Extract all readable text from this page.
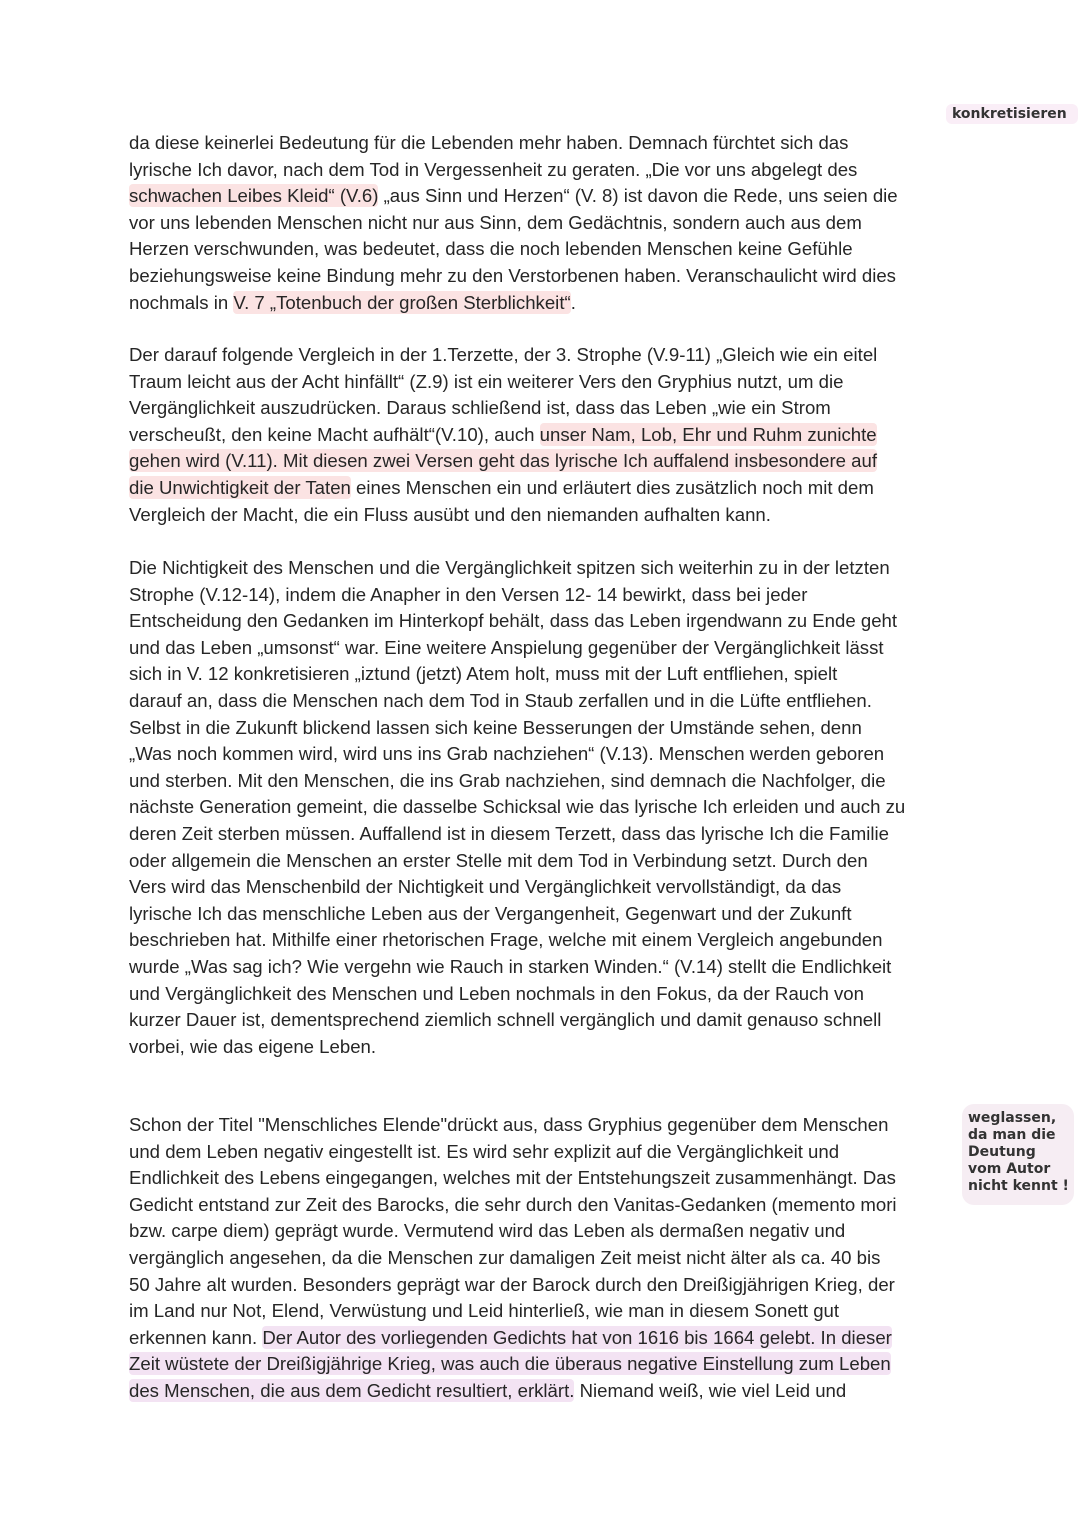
konkretisieren
da diese keinerlei Bedeutung für die Lebenden mehr haben. Demnach fürchtet sich das
lyrische Ich davor, nach dem Tod in Vergessenheit zu geraten. „Die vor uns abgelegt des
schwachen Leibes Kleid“ (V.6) „aus Sinn und Herzen“ (V. 8) ist davon die Rede, uns seien die
vor uns lebenden Menschen nicht nur aus Sinn, dem Gedächtnis, sondern auch aus dem
Herzen verschwunden, was bedeutet, dass die noch lebenden Menschen keine Gefühle
beziehungsweise keine Bindung mehr zu den Verstorbenen haben. Veranschaulicht wird dies
nochmals in V. 7 „Totenbuch der großen Sterblichkeit“.
Der darauf folgende Vergleich in der 1.Terzette, der 3. Strophe (V.9-11) „Gleich wie ein eitel
Traum leicht aus der Acht hinfällt“ (Z.9) ist ein weiterer Vers den Gryphius nutzt, um die
Vergänglichkeit auszudrücken. Daraus schließend ist, dass das Leben „wie ein Strom
verscheußt, den keine Macht aufhält“(V.10), auch unser Nam, Lob, Ehr und Ruhm zunichte
gehen wird (V.11). Mit diesen zwei Versen geht das lyrische Ich auffalend insbesondere auf
die Unwichtigkeit der Taten eines Menschen ein und erläutert dies zusätzlich noch mit dem
Vergleich der Macht, die ein Fluss ausübt und den niemanden aufhalten kann.
Die Nichtigkeit des Menschen und die Vergänglichkeit spitzen sich weiterhin zu in der letzten
Strophe (V.12-14), indem die Anapher in den Versen 12- 14 bewirkt, dass bei jeder
Entscheidung den Gedanken im Hinterkopf behält, dass das Leben irgendwann zu Ende geht
und das Leben „umsonst“ war. Eine weitere Anspielung gegenüber der Vergänglichkeit lässt
sich in V. 12 konkretisieren „iztund (jetzt) Atem holt, muss mit der Luft entfliehen, spielt
darauf an, dass die Menschen nach dem Tod in Staub zerfallen und in die Lüfte entfliehen.
Selbst in die Zukunft blickend lassen sich keine Besserungen der Umstände sehen, denn
„Was noch kommen wird, wird uns ins Grab nachziehen“ (V.13). Menschen werden geboren
und sterben. Mit den Menschen, die ins Grab nachziehen, sind demnach die Nachfolger, die
nächste Generation gemeint, die dasselbe Schicksal wie das lyrische Ich erleiden und auch zu
deren Zeit sterben müssen. Auffallend ist in diesem Terzett, dass das lyrische Ich die Familie
oder allgemein die Menschen an erster Stelle mit dem Tod in Verbindung setzt. Durch den
Vers wird das Menschenbild der Nichtigkeit und Vergänglichkeit vervollständigt, da das
lyrische Ich das menschliche Leben aus der Vergangenheit, Gegenwart und der Zukunft
beschrieben hat. Mithilfe einer rhetorischen Frage, welche mit einem Vergleich angebunden
wurde „Was sag ich? Wie vergehn wie Rauch in starken Winden.“ (V.14) stellt die Endlichkeit
und Vergänglichkeit des Menschen und Leben nochmals in den Fokus, da der Rauch von
kurzer Dauer ist, dementsprechend ziemlich schnell vergänglich und damit genauso schnell
vorbei, wie das eigene Leben.
Schon der Titel "Menschliches Elende"drückt aus, dass Gryphius gegenüber dem Menschen
und dem Leben negativ eingestellt ist. Es wird sehr explizit auf die Vergänglichkeit und
Endlichkeit des Lebens eingegangen, welches mit der Entstehungszeit zusammenhängt. Das
Gedicht entstand zur Zeit des Barocks, die sehr durch den Vanitas-Gedanken (memento mori
bzw. carpe diem) geprägt wurde. Vermutend wird das Leben als dermaßen negativ und
vergänglich angesehen, da die Menschen zur damaligen Zeit meist nicht älter als ca. 40 bis
50 Jahre alt wurden. Besonders geprägt war der Barock durch den Dreißigjährigen Krieg, der
im Land nur Not, Elend, Verwüstung und Leid hinterließ, wie man in diesem Sonett gut
erkennen kann. Der Autor des vorliegenden Gedichts hat von 1616 bis 1664 gelebt. In dieser
Zeit wüstete der Dreißigjährige Krieg, was auch die überaus negative Einstellung zum Leben
des Menschen, die aus dem Gedicht resultiert, erklärt. Niemand weiß, wie viel Leid und
weglassen,
da man die
Deutung
vom Autor
nicht kennt !
